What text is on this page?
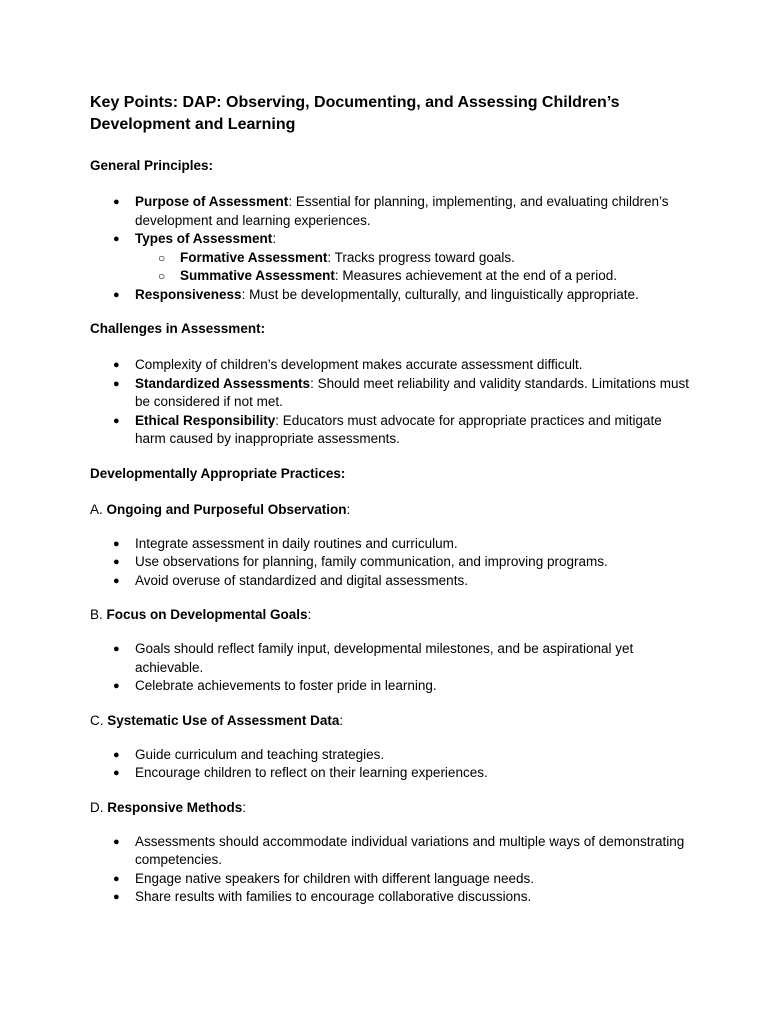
Key Points: DAP: Observing, Documenting, and Assessing Children’s Development and Learning
General Principles:
● Purpose of Assessment: Essential for planning, implementing, and evaluating children’s development and learning experiences.
● Types of Assessment:
○ Formative Assessment: Tracks progress toward goals.
○ Summative Assessment: Measures achievement at the end of a period.
● Responsiveness: Must be developmentally, culturally, and linguistically appropriate.
Challenges in Assessment:
● Complexity of children’s development makes accurate assessment difficult.
● Standardized Assessments: Should meet reliability and validity standards. Limitations must be considered if not met.
● Ethical Responsibility: Educators must advocate for appropriate practices and mitigate harm caused by inappropriate assessments.
Developmentally Appropriate Practices:
A. Ongoing and Purposeful Observation:
● Integrate assessment in daily routines and curriculum.
● Use observations for planning, family communication, and improving programs.
● Avoid overuse of standardized and digital assessments.
B. Focus on Developmental Goals:
● Goals should reflect family input, developmental milestones, and be aspirational yet achievable.
● Celebrate achievements to foster pride in learning.
C. Systematic Use of Assessment Data:
● Guide curriculum and teaching strategies.
● Encourage children to reflect on their learning experiences.
D. Responsive Methods:
● Assessments should accommodate individual variations and multiple ways of demonstrating competencies.
● Engage native speakers for children with different language needs.
● Share results with families to encourage collaborative discussions.
